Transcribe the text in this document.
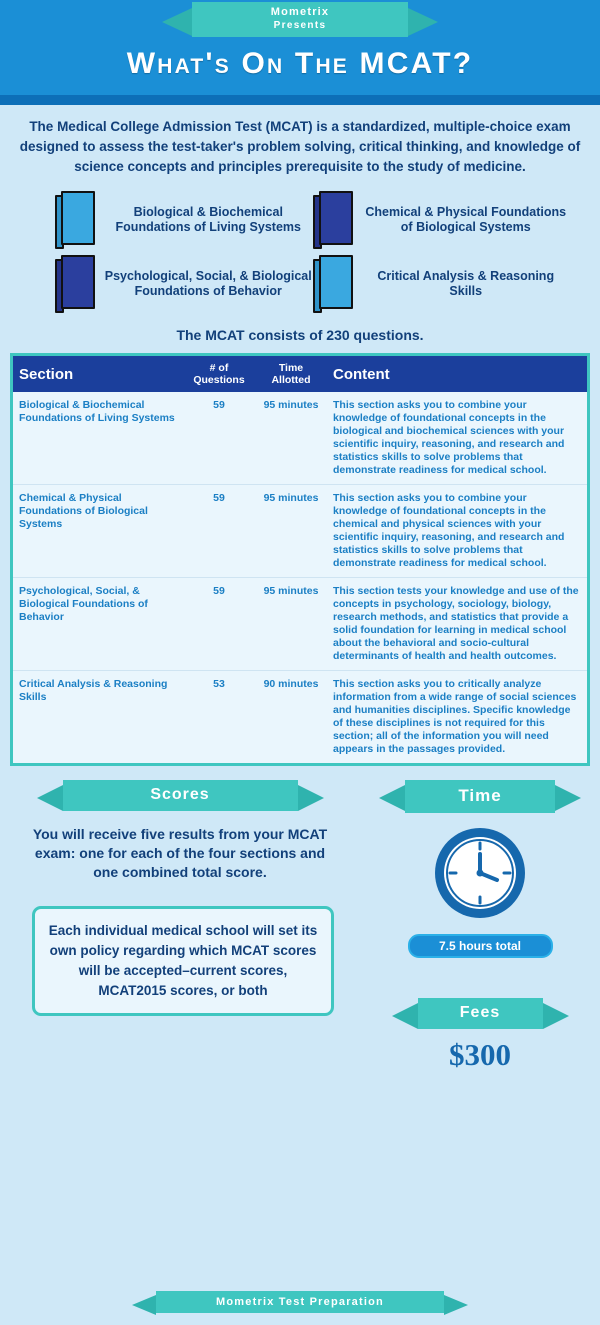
Mometrix
Presents
What's On The MCAT?
The Medical College Admission Test (MCAT) is a standardized, multiple-choice exam designed to assess the test-taker's problem solving, critical thinking, and knowledge of science concepts and principles prerequisite to the study of medicine.
Biological & Biochemical Foundations of Living Systems
Chemical & Physical Foundations of Biological Systems
Psychological, Social, & Biological Foundations of Behavior
Critical Analysis & Reasoning Skills
The MCAT consists of 230 questions.
Section	# of Questions	Time Allotted	Content
Biological & Biochemical Foundations of Living Systems	59	95 minutes	This section asks you to combine your knowledge of foundational concepts in the biological and biochemical sciences with your scientific inquiry, reasoning, and research and statistics skills to solve problems that demonstrate readiness for medical school.
Chemical & Physical Foundations of Biological Systems	59	95 minutes	This section asks you to combine your knowledge of foundational concepts in the chemical and physical sciences with your scientific inquiry, reasoning, and research and statistics skills to solve problems that demonstrate readiness for medical school.
Psychological, Social, & Biological Foundations of Behavior	59	95 minutes	This section tests your knowledge and use of the concepts in psychology, sociology, biology, research methods, and statistics that provide a solid foundation for learning in medical school about the behavioral and socio-cultural determinants of health and health outcomes.
Critical Analysis & Reasoning Skills	53	90 minutes	This section asks you to critically analyze information from a wide range of social sciences and humanities disciplines. Specific knowledge of these disciplines is not required for this section; all of the information you will need appears in the passages provided.
Scores
You will receive five results from your MCAT exam: one for each of the four sections and one combined total score.
Each individual medical school will set its own policy regarding which MCAT scores will be accepted–current scores, MCAT2015 scores, or both
Time
7.5 hours total
Fees
$300
Mometrix Test Preparation
